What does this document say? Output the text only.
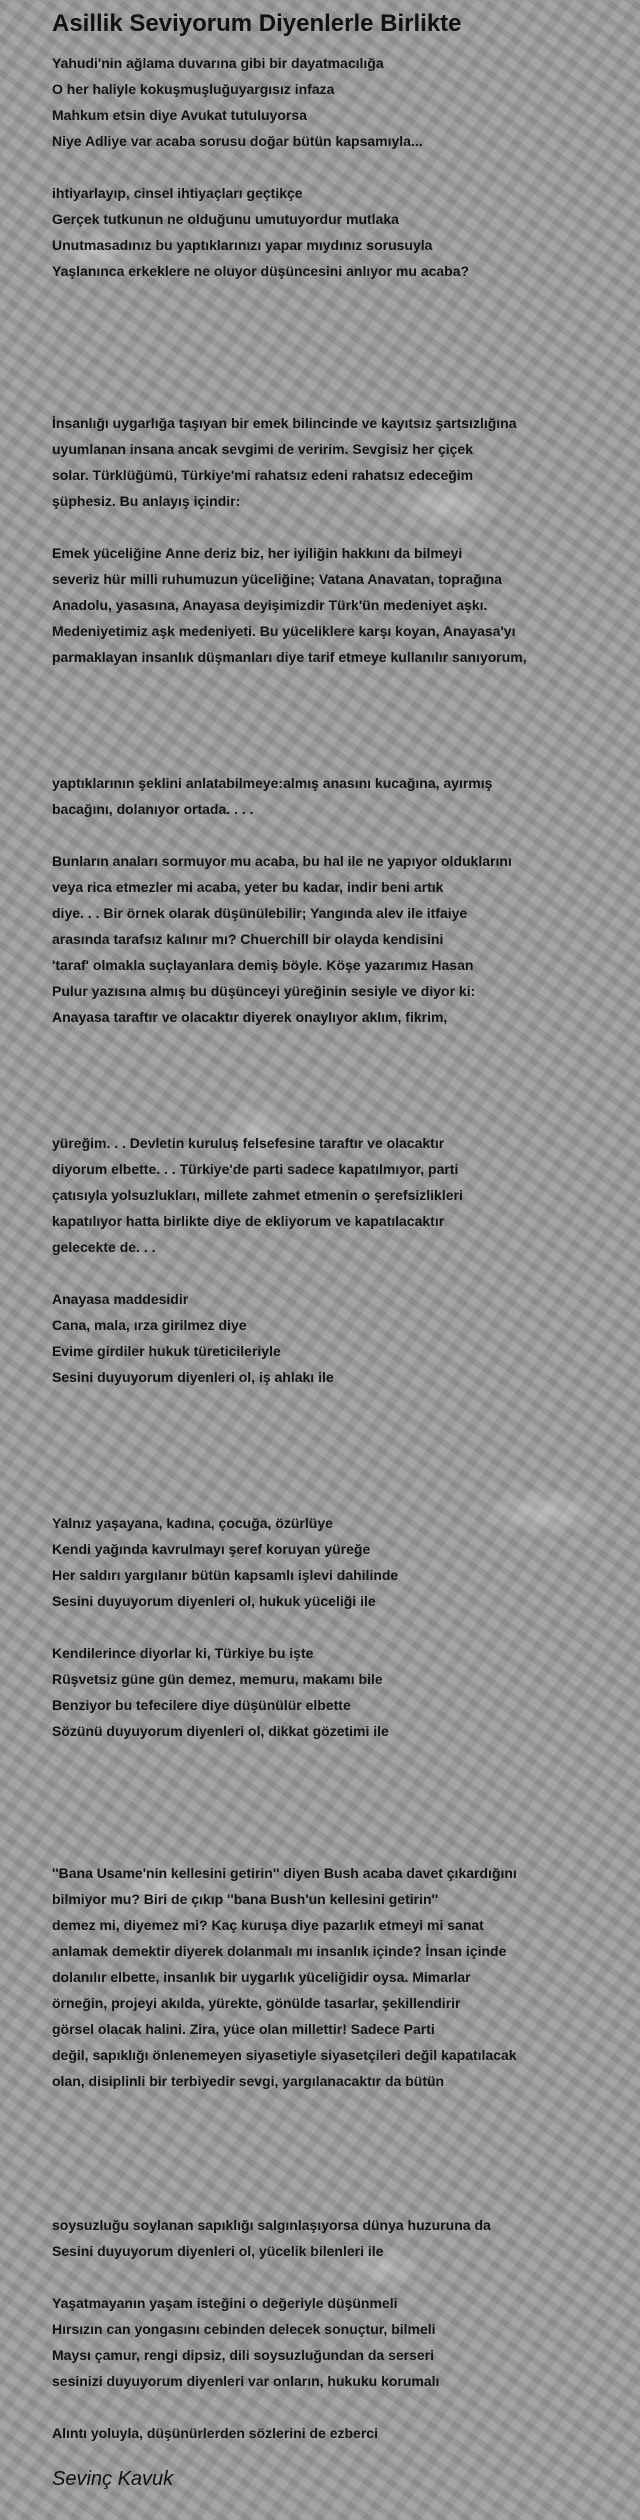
Asillik Seviyorum Diyenlerle Birlikte
Yahudi'nin ağlama duvarına gibi bir dayatmacılığa
O her haliyle kokuşmuşluğuyargısız infaza
Mahkum etsin diye Avukat tutuluyorsa
Niye Adliye var acaba sorusu doğar bütün kapsamıyla...
ihtiyarlayıp, cinsel ihtiyaçları geçtikçe
Gerçek tutkunun ne olduğunu umutuyordur mutlaka
Unutmasadınız bu yaptıklarınızı yapar mıydınız sorusuyla
Yaşlanınca erkeklere ne oluyor düşüncesini anlıyor mu acaba?
İnsanlığı uygarlığa taşıyan bir emek bilincinde ve kayıtsız şartsızlığına
uyumlanan insana ancak sevgimi de veririm. Sevgisiz her çiçek
solar. Türklüğümü, Türkiye'mi rahatsız edeni rahatsız edeceğim
şüphesiz. Bu anlayış içindir:
Emek yüceliğine Anne deriz biz, her iyiliğin hakkını da bilmeyi
severiz hür milli ruhumuzun yüceliğine; Vatana Anavatan, toprağına
Anadolu, yasasına, Anayasa deyişimizdir Türk'ün medeniyet aşkı.
Medeniyetimiz aşk medeniyeti. Bu yüceliklere karşı koyan, Anayasa'yı
parmaklayan insanlık düşmanları diye tarif etmeye kullanılır sanıyorum,
yaptıklarının şeklini anlatabilmeye:almış anasını kucağına, ayırmış
bacağını, dolanıyor ortada. . . .
Bunların anaları sormuyor mu acaba, bu hal ile ne yapıyor olduklarını
veya rica etmezler mi acaba, yeter bu kadar, indir beni artık
diye. . . Bir örnek olarak düşünülebilir; Yangında alev ile itfaiye
arasında tarafsız kalınır mı? Chuerchill bir olayda kendisini
'taraf' olmakla suçlayanlara demiş böyle. Köşe yazarımız Hasan
Pulur yazısına almış bu düşünceyi yüreğinin sesiyle ve diyor ki:
Anayasa taraftır ve olacaktır diyerek onaylıyor aklım, fikrim,
yüreğim. . . Devletin kuruluş felsefesine taraftır ve olacaktır
diyorum elbette. . . Türkiye'de parti sadece kapatılmıyor, parti
çatısıyla yolsuzlukları, millete zahmet etmenin o şerefsizlikleri
kapatılıyor hatta birlikte diye de ekliyorum ve kapatılacaktır
gelecekte de. . .
Anayasa maddesidir
Cana, mala, ırza girilmez diye
Evime girdiler hukuk türeticileriyle
Sesini duyuyorum diyenleri ol, iş ahlakı ile
Yalnız yaşayana, kadına, çocuğa, özürlüye
Kendi yağında kavrulmayı şeref koruyan yüreğe
Her saldırı yargılanır bütün kapsamlı işlevi dahilinde
Sesini duyuyorum diyenleri ol, hukuk yüceliği ile
Kendilerince diyorlar ki, Türkiye bu işte
Rüşvetsiz güne gün demez, memuru, makamı bile
Benziyor bu tefecilere diye düşünülür elbette
Sözünü duyuyorum diyenleri ol, dikkat gözetimi ile
''Bana Usame'nin kellesini getirin'' diyen Bush acaba davet çıkardığını
bilmiyor mu? Biri de çıkıp ''bana Bush'un kellesini getirin''
demez mi, diyemez mi? Kaç kuruşa diye pazarlık etmeyi mi sanat
anlamak demektir diyerek dolanmalı mı insanlık içinde? İnsan içinde
dolanılır elbette, insanlık bir uygarlık yüceliğidir oysa. Mimarlar
örneğin, projeyi akılda, yürekte, gönülde tasarlar, şekillendirir
görsel olacak halini. Zira, yüce olan millettir! Sadece Parti
değil, sapıklığı önlenemeyen siyasetiyle siyasetçileri değil kapatılacak
olan, disiplinli bir terbiyedir sevgi, yargılanacaktır da bütün
soysuzluğu soylanan sapıklığı salgınlaşıyorsa dünya huzuruna da
Sesini duyuyorum diyenleri ol, yücelik bilenleri ile
Yaşatmayanın yaşam isteğini o değeriyle düşünmeli
Hırsızın can yongasını cebinden delecek sonuçtur, bilmeli
Maysı çamur, rengi dipsiz, dili soysuzluğundan da serseri
sesinizi duyuyorum diyenleri var onların, hukuku korumalı
Alıntı yoluyla, düşünürlerden sözlerini de ezberci
Sevinç Kavuk
